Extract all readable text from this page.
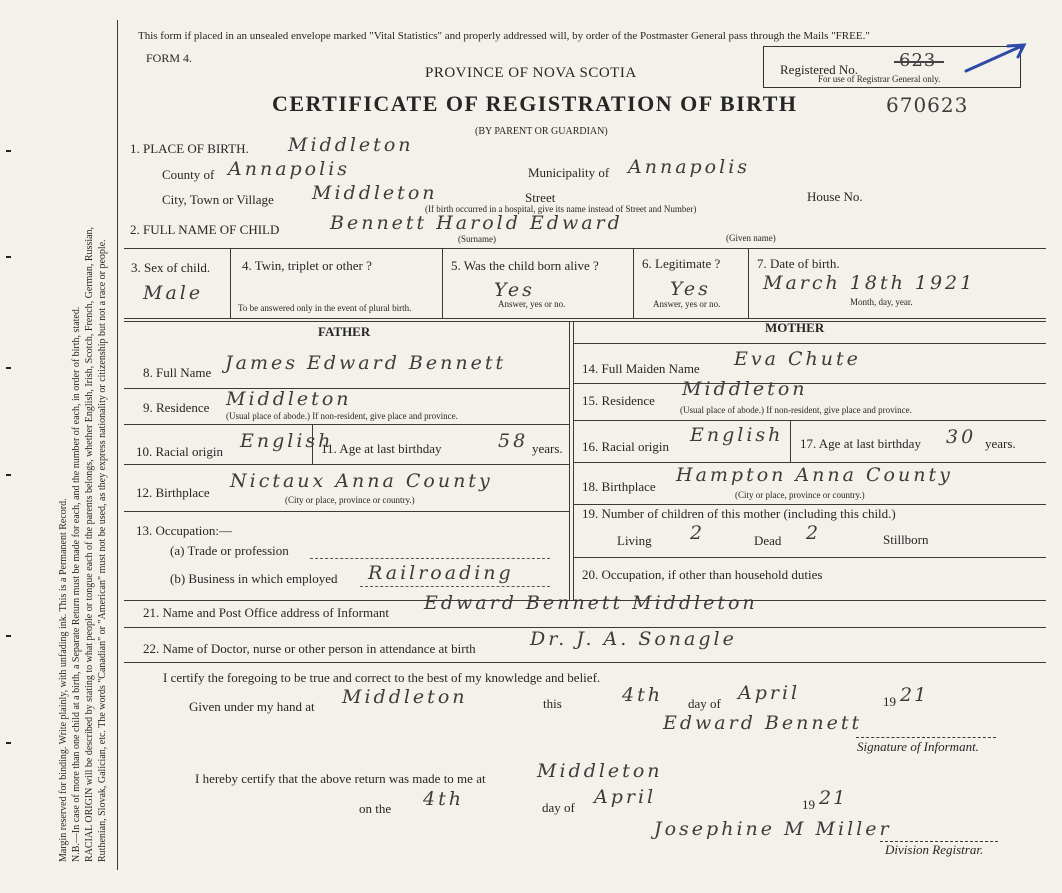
Margin reserved for binding. Write plainly, with unfading ink. This is a Permanent Record. N.B.—In case of more than one child at a birth, a Separate Return must be made for each, and the number of each, in order of birth, stated. RACIAL ORIGIN will be described by stating to what people or tongue each of the parents belongs, whether English, Irish, Scotch, French, German, Russian, Ruthenian, Slovak, Galician, etc. The words "Canadian" or "American" must not be used, as they express nationality or citizenship but not a race or people.
This form if placed in an unsealed envelope marked "Vital Statistics" and properly addressed will, by order of the Postmaster General pass through the Mails "FREE."
FORM 4.
PROVINCE OF NOVA SCOTIA
CERTIFICATE OF REGISTRATION OF BIRTH	670623
(BY PARENT OR GUARDIAN)
Registered No. 623
For use of Registrar General only.
1. PLACE OF BIRTH. Middleton
County of Annapolis	Municipality of Annapolis
City, Town or Village Middleton	Street	House No.
(If birth occurred in a hospital, give its name instead of Street and Number)
2. FULL NAME OF CHILD	Bennett Harold Edward
(Surname)	(Given name)
3. Sex of child.
Male
4. Twin, triplet or other ?
To be answered only in the event of plural birth.
5. Was the child born alive ?
Yes
Answer, yes or no.
6. Legitimate ?
Yes
Answer, yes or no.
7. Date of birth.
March 18th 1921
Month, day, year.
FATHER	MOTHER
8. Full Name James Edward Bennett
9. Residence Middleton
(Usual place of abode.) If non-resident, give place and province.
10. Racial origin English
11. Age at last birthday	58 years.
12. Birthplace
Nictaux Anna County
(City or place, province or country.)
13. Occupation:—
(a) Trade or profession
(b) Business in which employed Railroading
14. Full Maiden Name Eva Chute
15. Residence
Middleton
(Usual place of abode.) If non-resident, give place and province.
16. Racial origin
English 17. Age at last birthday 30 years.
18. Birthplace
Hampton Anna County
(City or place, province or country.)
19. Number of children of this mother (including this child.)
Living 2	Dead 2	Stillborn
20. Occupation, if other than household duties
21. Name and Post Office address of Informant Edward Bennett Middleton
22. Name of Doctor, nurse or other person in attendance at birth	Dr. J. A. Sonagle
I certify the foregoing to be true and correct to the best of my knowledge and belief.
Given under my hand at Middleton	this	4th day of April	19 21
Edward Bennett
Signature of Informant.
I hereby certify that the above return was made to me at	Middleton
on the 4th	day of April	19 21
Josephine M Miller
Division Registrar.
